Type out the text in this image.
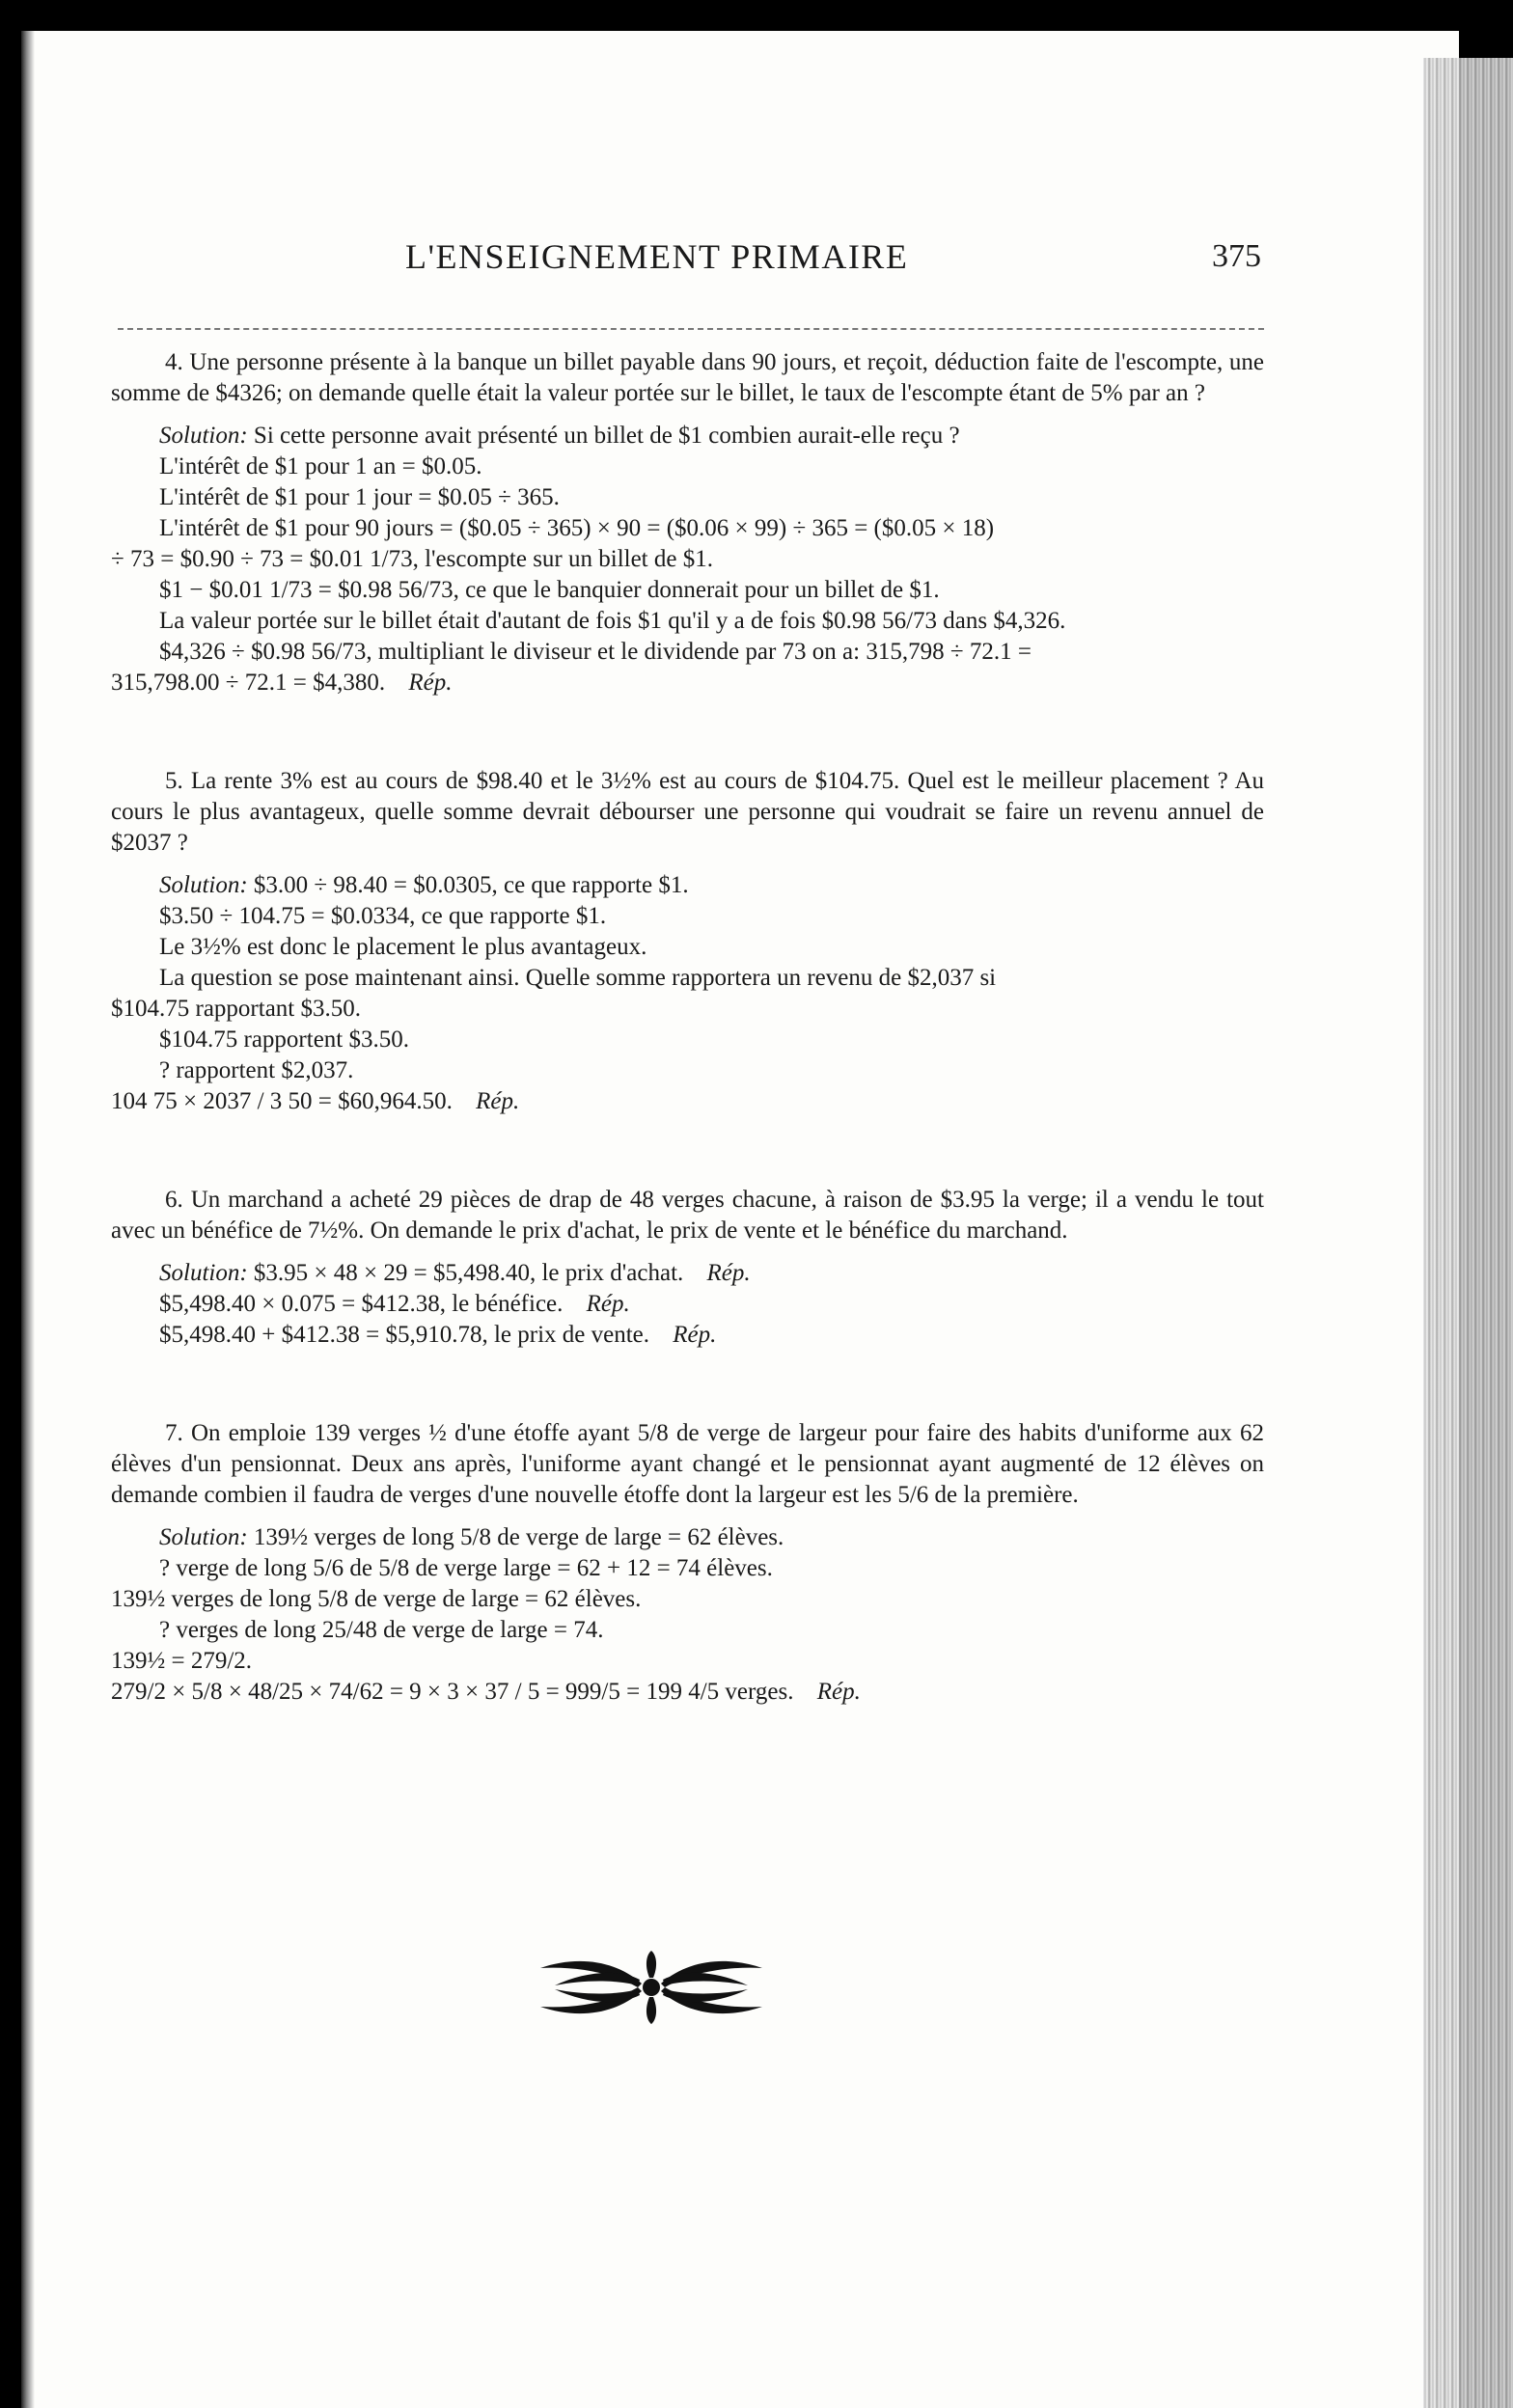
L'ENSEIGNEMENT PRIMAIRE	375

4. Une personne présente à la banque un billet payable dans 90 jours, et reçoit, déduction faite de l'escompte, une somme de $4326; on demande quelle était la valeur portée sur le billet, le taux de l'escompte étant de 5% par an ?

Solution: Si cette personne avait présenté un billet de $1 combien aurait-elle reçu ?

L'intérêt de $1 pour 1 an = $0.05.

L'intérêt de $1 pour 1 jour = $0.05 ÷ 365.

L'intérêt de $1 pour 90 jours = ($0.05 ÷ 365) × 90 = ($0.06 × 99) ÷ 365 = ($0.05 × 18)

÷ 73 = $0.90 ÷ 73 = $0.01 1/73, l'escompte sur un billet de $1.

$1 − $0.01 1/73 = $0.98 56/73, ce que le banquier donnerait pour un billet de $1.

La valeur portée sur le billet était d'autant de fois $1 qu'il y a de fois $0.98 56/73 dans $4,326.

$4,326 ÷ $0.98 56/73, multipliant le diviseur et le dividende par 73 on a: 315,798 ÷ 72.1 =

315,798.00 ÷ 72.1 = $4,380. Rép.

5. La rente 3% est au cours de $98.40 et le 3½% est au cours de $104.75. Quel est le meilleur placement ? Au cours le plus avantageux, quelle somme devrait débourser une personne qui voudrait se faire un revenu annuel de $2037 ?

Solution: $3.00 ÷ 98.40 = $0.0305, ce que rapporte $1.

$3.50 ÷ 104.75 = $0.0334, ce que rapporte $1.

Le 3½% est donc le placement le plus avantageux.

La question se pose maintenant ainsi. Quelle somme rapportera un revenu de $2,037 si

$104.75 rapportant $3.50.

$104.75 rapportent $3.50.

? rapportent $2,037.

104 75 × 2037 / 3 50 = $60,964.50. Rép.

6. Un marchand a acheté 29 pièces de drap de 48 verges chacune, à raison de $3.95 la verge; il a vendu le tout avec un bénéfice de 7½%. On demande le prix d'achat, le prix de vente et le bénéfice du marchand.

Solution: $3.95 × 48 × 29 = $5,498.40, le prix d'achat. Rép.

$5,498.40 × 0.075 = $412.38, le bénéfice. Rép.

$5,498.40 + $412.38 = $5,910.78, le prix de vente. Rép.

7. On emploie 139 verges ½ d'une étoffe ayant 5/8 de verge de largeur pour faire des habits d'uniforme aux 62 élèves d'un pensionnat. Deux ans après, l'uniforme ayant changé et le pensionnat ayant augmenté de 12 élèves on demande combien il faudra de verges d'une nouvelle étoffe dont la largeur est les 5/6 de la première.

Solution: 139½ verges de long 5/8 de verge de large = 62 élèves.

? verge de long 5/6 de 5/8 de verge large = 62 + 12 = 74 élèves.

139½ verges de long 5/8 de verge de large = 62 élèves.

? verges de long 25/48 de verge de large = 74.

139½ = 279/2.

279/2 × 5/8 × 48/25 × 74/62 = 9 × 3 × 37 / 5 = 999/5 = 199 4/5 verges. Rép.
